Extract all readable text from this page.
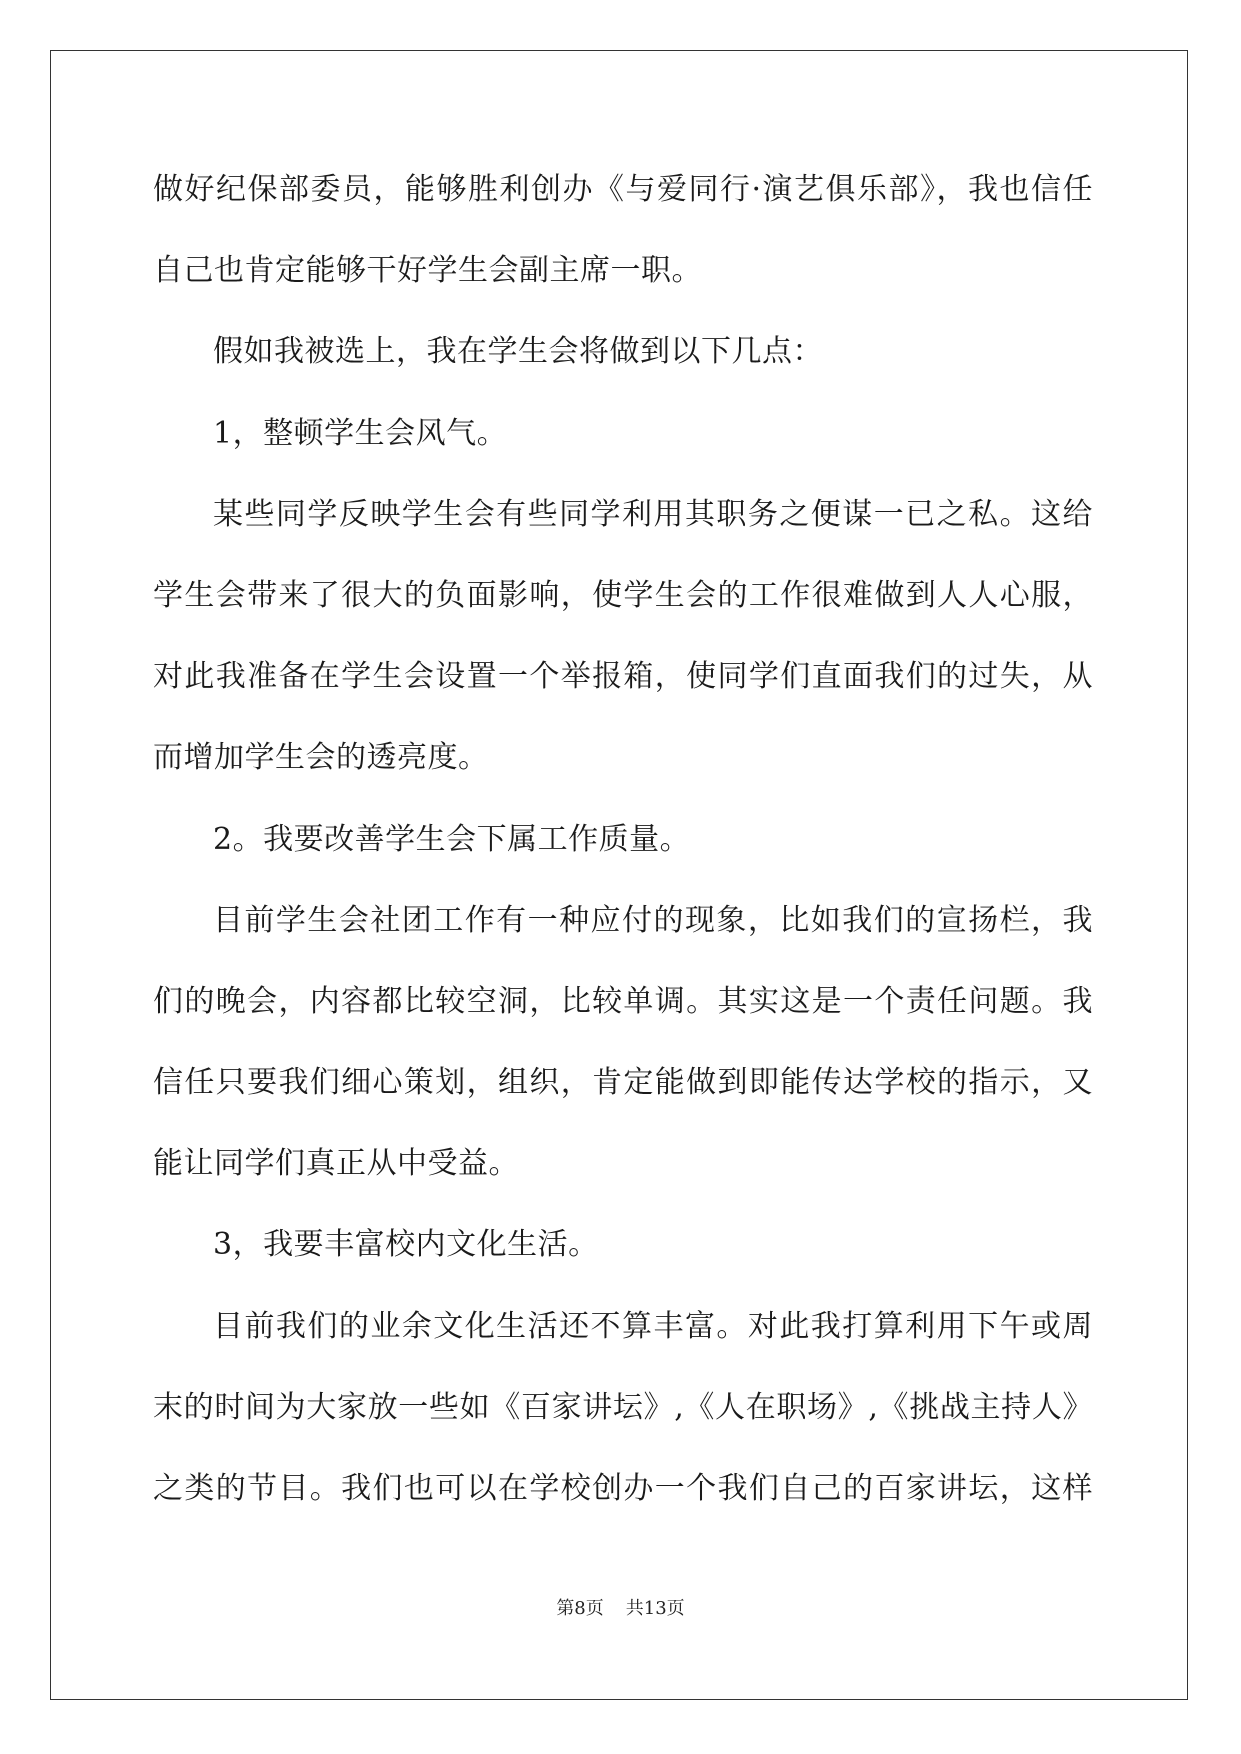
做好纪保部委员，能够胜利创办《与爱同行·演艺俱乐部》，我也信任
自己也肯定能够干好学生会副主席一职。
假如我被选上，我在学生会将做到以下几点：
1，整顿学生会风气。
某些同学反映学生会有些同学利用其职务之便谋一已之私。这给
学生会带来了很大的负面影响，使学生会的工作很难做到人人心服，
对此我准备在学生会设置一个举报箱，使同学们直面我们的过失，从
而增加学生会的透亮度。
2。我要改善学生会下属工作质量。
目前学生会社团工作有一种应付的现象，比如我们的宣扬栏，我
们的晚会，内容都比较空洞，比较单调。其实这是一个责任问题。我
信任只要我们细心策划，组织，肯定能做到即能传达学校的指示，又
能让同学们真正从中受益。
3，我要丰富校内文化生活。
目前我们的业余文化生活还不算丰富。对此我打算利用下午或周
末的时间为大家放一些如《百家讲坛》,《人在职场》,《挑战主持人》
之类的节目。我们也可以在学校创办一个我们自己的百家讲坛，这样
第8页 共13页
